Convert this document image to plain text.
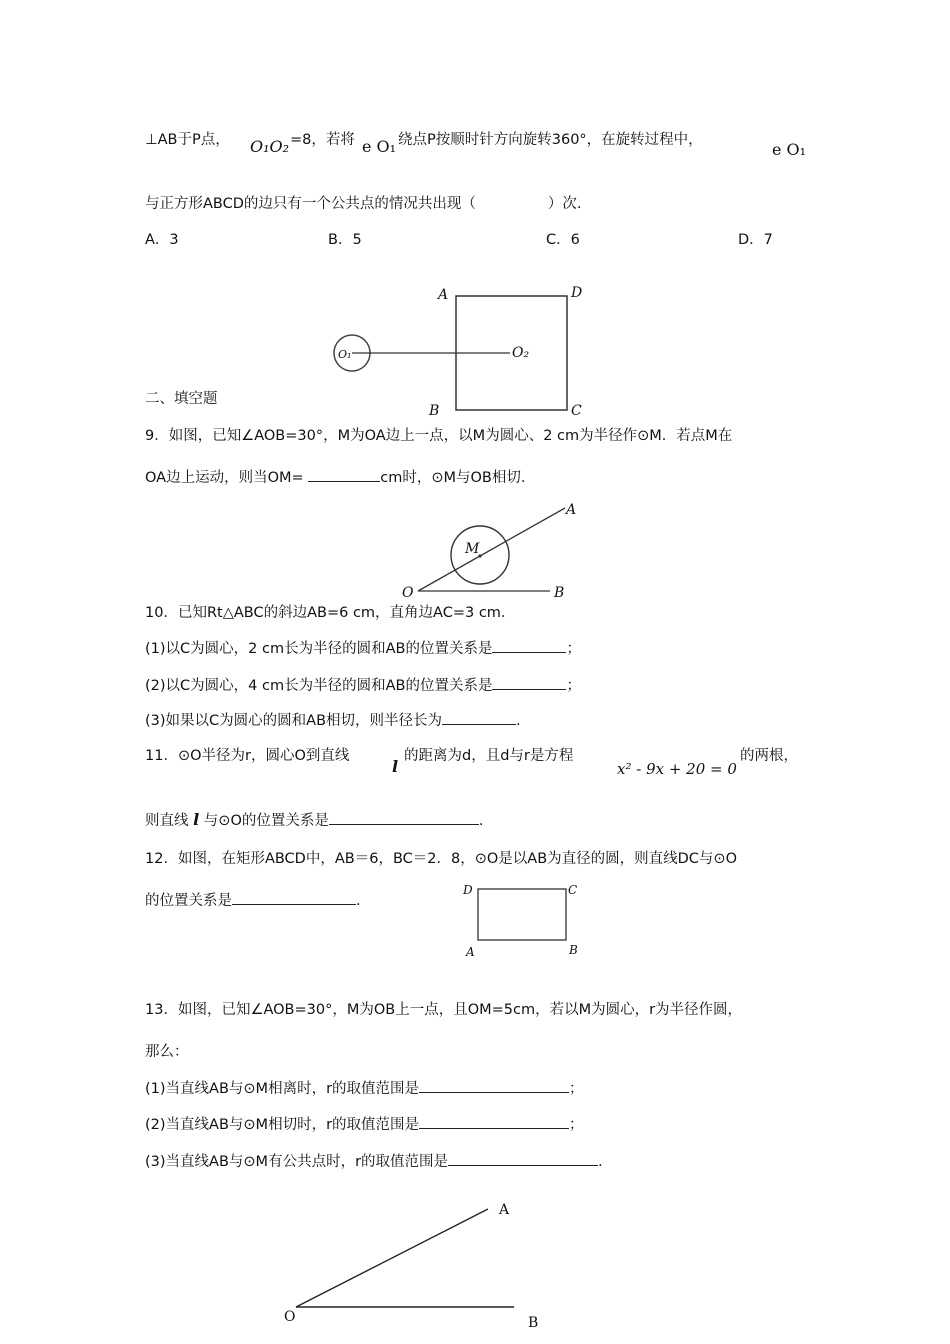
⊥AB于P点， O₁O₂ =8，若将 e O₁ 绕点P按顺时针方向旋转360°，在旋转过程中，	e O₁
与正方形ABCD的边只有一个公共点的情况共出现（	）次.
A．3	B．5	C．6	D．7
A	D
B	C
O₁	O₂
二、填空题
9．如图，已知∠AOB=30°，M为OA边上一点，以M为圆心、2 cm为半径作⊙M．若点M在
OA边上运动，则当OM=	cm时，⊙M与OB相切．
A
M
O	B
10．已知Rt△ABC的斜边AB=6 cm，直角边AC=3 cm．
(1)以C为圆心，2 cm长为半径的圆和AB的位置关系是	；
(2)以C为圆心，4 cm长为半径的圆和AB的位置关系是	；
(3)如果以C为圆心的圆和AB相切，则半径长为	.
11．⊙O半径为r，圆心O到直线
l
的距离为d，且d与r是方程
x² - 9x + 20 = 0
的两根，
则直线 l 与⊙O的位置关系是	.
12．如图，在矩形ABCD中，AB＝6，BC＝2．8，⊙O是以AB为直径的圆，则直线DC与⊙O
的位置关系是	.
D	C
A	B
13．如图，已知∠AOB=30°，M为OB上一点，且OM=5cm，若以M为圆心，r为半径作圆，
那么：
(1)当直线AB与⊙M相离时，r的取值范围是	；
(2)当直线AB与⊙M相切时，r的取值范围是	；
(3)当直线AB与⊙M有公共点时，r的取值范围是	.
A
O	B
